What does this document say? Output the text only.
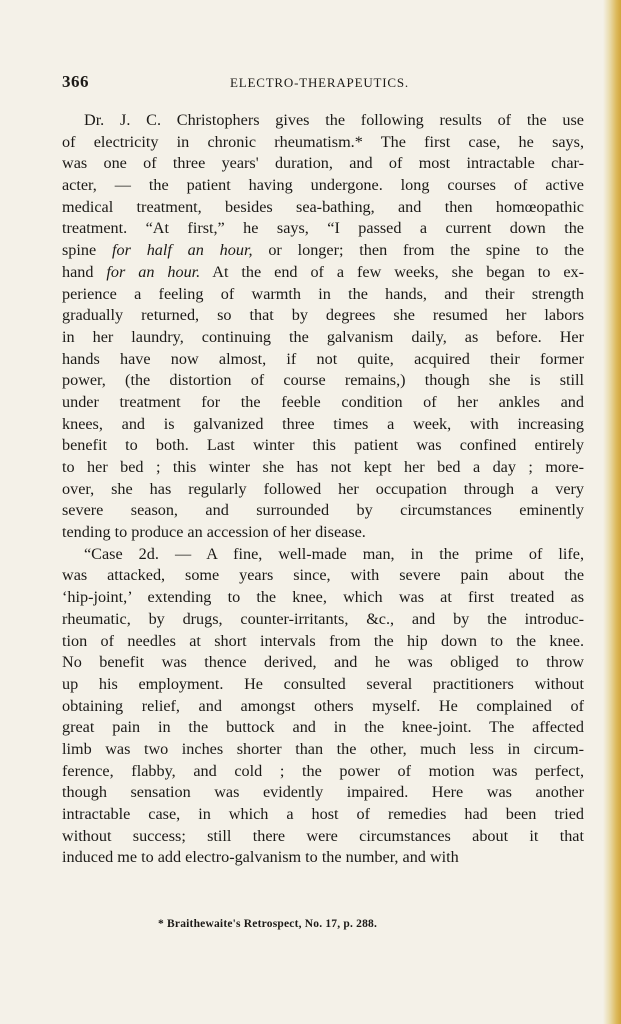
366	ELECTRO-THERAPEUTICS.
Dr. J. C. Christophers gives the following results of the use
of electricity in chronic rheumatism.* The first case, he says,
was one of three years' duration, and of most intractable char-
acter, — the patient having undergone. long courses of active
medical treatment, besides sea-bathing, and then homœopathic
treatment. “At first,” he says, “I passed a current down the
spine for half an hour, or longer; then from the spine to the
hand for an hour. At the end of a few weeks, she began to ex-
perience a feeling of warmth in the hands, and their strength
gradually returned, so that by degrees she resumed her labors
in her laundry, continuing the galvanism daily, as before. Her
hands have now almost, if not quite, acquired their former
power, (the distortion of course remains,) though she is still
under treatment for the feeble condition of her ankles and
knees, and is galvanized three times a week, with increasing
benefit to both. Last winter this patient was confined entirely
to her bed ; this winter she has not kept her bed a day ; more-
over, she has regularly followed her occupation through a very
severe season, and surrounded by circumstances eminently
tending to produce an accession of her disease.
“Case 2d. — A fine, well-made man, in the prime of life,
was attacked, some years since, with severe pain about the
‘hip-joint,’ extending to the knee, which was at first treated as
rheumatic, by drugs, counter-irritants, &c., and by the introduc-
tion of needles at short intervals from the hip down to the knee.
No benefit was thence derived, and he was obliged to throw
up his employment. He consulted several practitioners without
obtaining relief, and amongst others myself. He complained of
great pain in the buttock and in the knee-joint. The affected
limb was two inches shorter than the other, much less in circum-
ference, flabby, and cold ; the power of motion was perfect,
though sensation was evidently impaired. Here was another
intractable case, in which a host of remedies had been tried
without success; still there were circumstances about it that
induced me to add electro-galvanism to the number, and with
* Braithewaite's Retrospect, No. 17, p. 288.
